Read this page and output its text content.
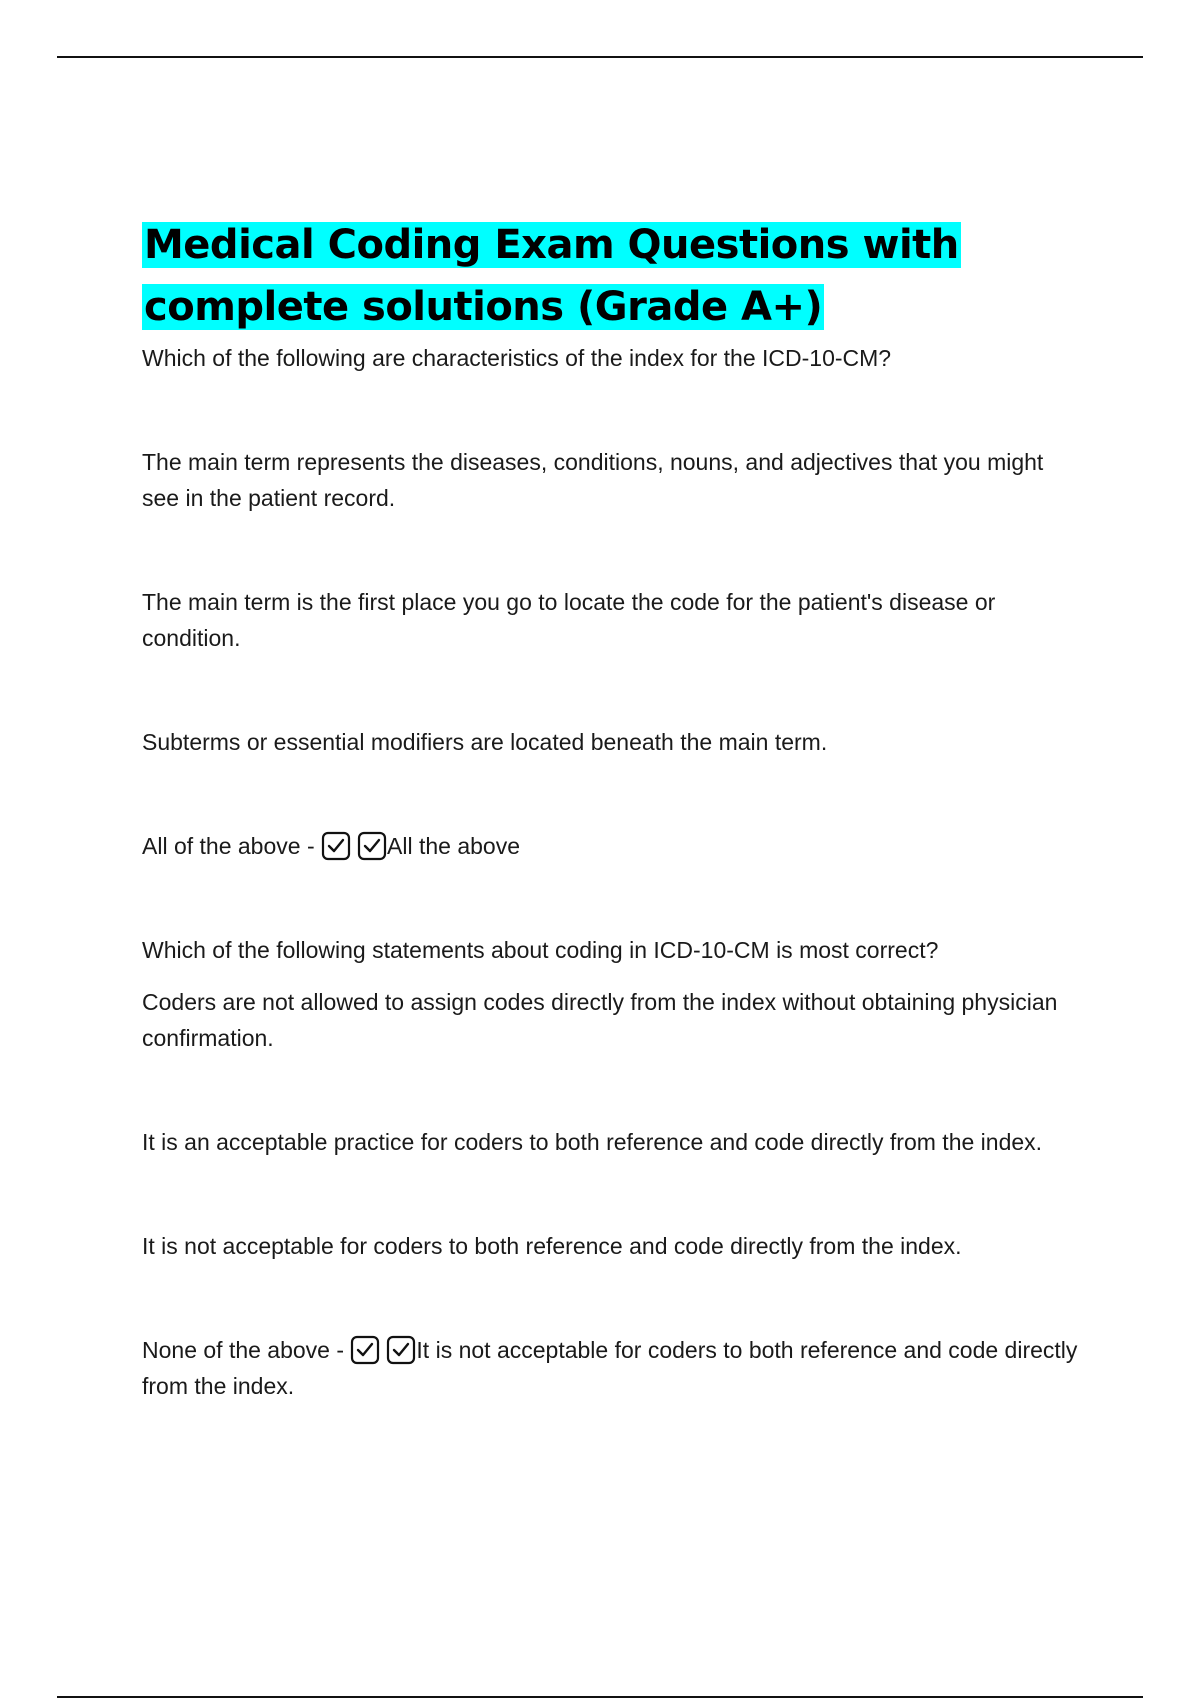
Medical Coding Exam Questions with
complete solutions (Grade A+)

Which of the following are characteristics of the index for the ICD-10-CM?

The main term represents the diseases, conditions, nouns, and adjectives that you might see in the patient record.

The main term is the first place you go to locate the code for the patient's disease or condition.

Subterms or essential modifiers are located beneath the main term.

All of the above -	All the above

Which of the following statements about coding in ICD-10-CM is most correct?

Coders are not allowed to assign codes directly from the index without obtaining physician confirmation.

It is an acceptable practice for coders to both reference and code directly from the index.

It is not acceptable for coders to both reference and code directly from the index.

None of the above -	It is not acceptable for coders to both reference and code directly from the index.
